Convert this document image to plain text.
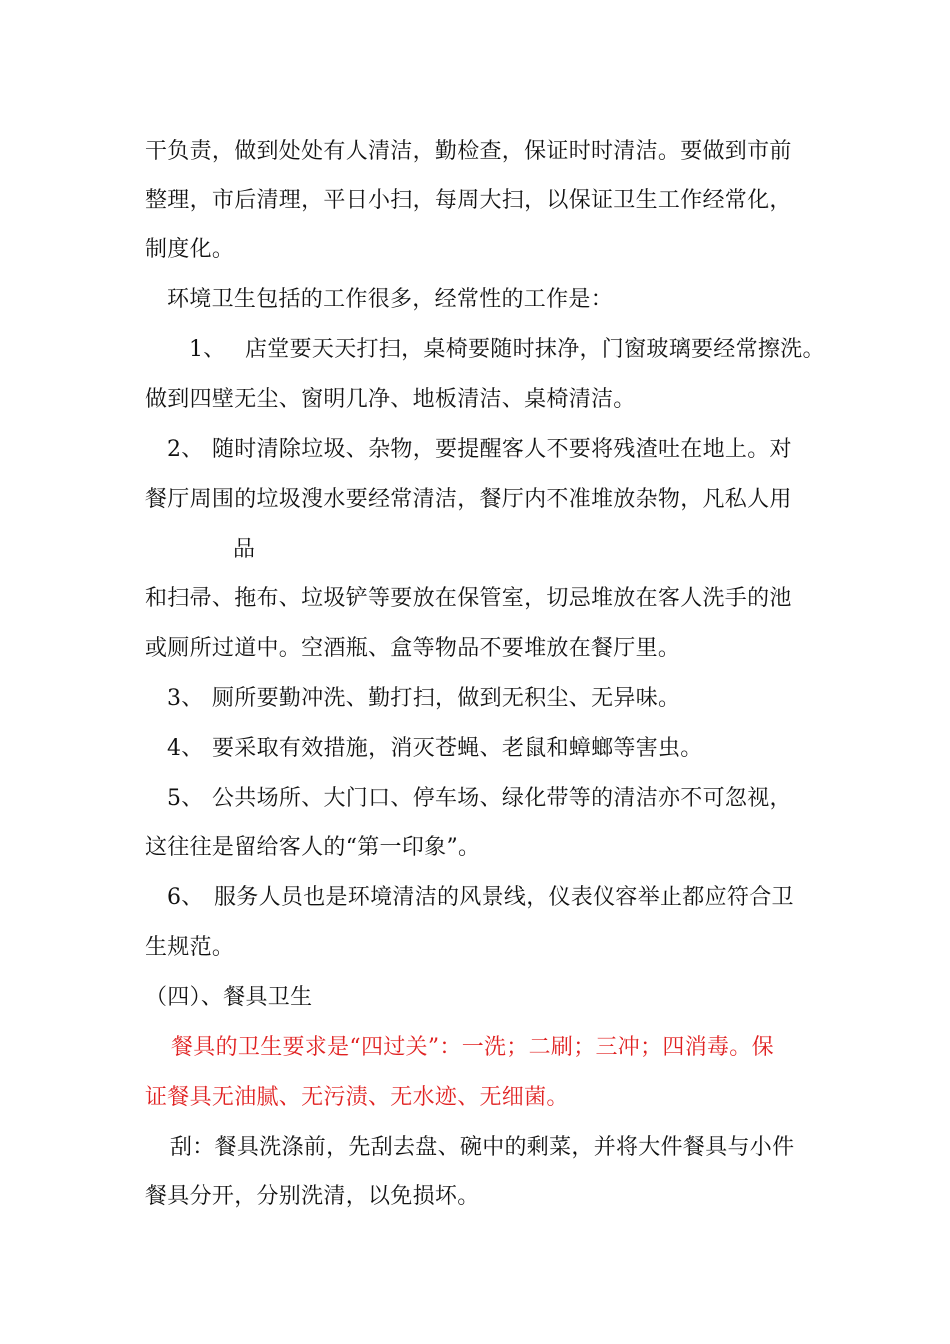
干负责，做到处处有人清洁，勤检查，保证时时清洁。要做到市前
整理，市后清理，平日小扫，每周大扫，以保证卫生工作经常化，
制度化。
环境卫生包括的工作很多，经常性的工作是：
1、 店堂要天天打扫，桌椅要随时抹净，门窗玻璃要经常擦洗。
做到四壁无尘、窗明几净、地板清洁、桌椅清洁。
2、 随时清除垃圾、杂物，要提醒客人不要将残渣吐在地上。对
餐厅周围的垃圾溲水要经常清洁，餐厅内不准堆放杂物，凡私人用
品
和扫帚、拖布、垃圾铲等要放在保管室，切忌堆放在客人洗手的池
或厕所过道中。空酒瓶、盒等物品不要堆放在餐厅里。
3、 厕所要勤冲洗、勤打扫，做到无积尘、无异味。
4、 要采取有效措施，消灭苍蝇、老鼠和蟑螂等害虫。
5、 公共场所、大门口、停车场、绿化带等的清洁亦不可忽视，
这往往是留给客人的“第一印象”。
6、 服务人员也是环境清洁的风景线，仪表仪容举止都应符合卫
生规范。
（四）、餐具卫生
餐具的卫生要求是“四过关”：一洗；二刷；三冲；四消毒。保
证餐具无油腻、无污渍、无水迹、无细菌。
刮：餐具洗涤前，先刮去盘、碗中的剩菜，并将大件餐具与小件
餐具分开，分别洗清，以免损坏。
